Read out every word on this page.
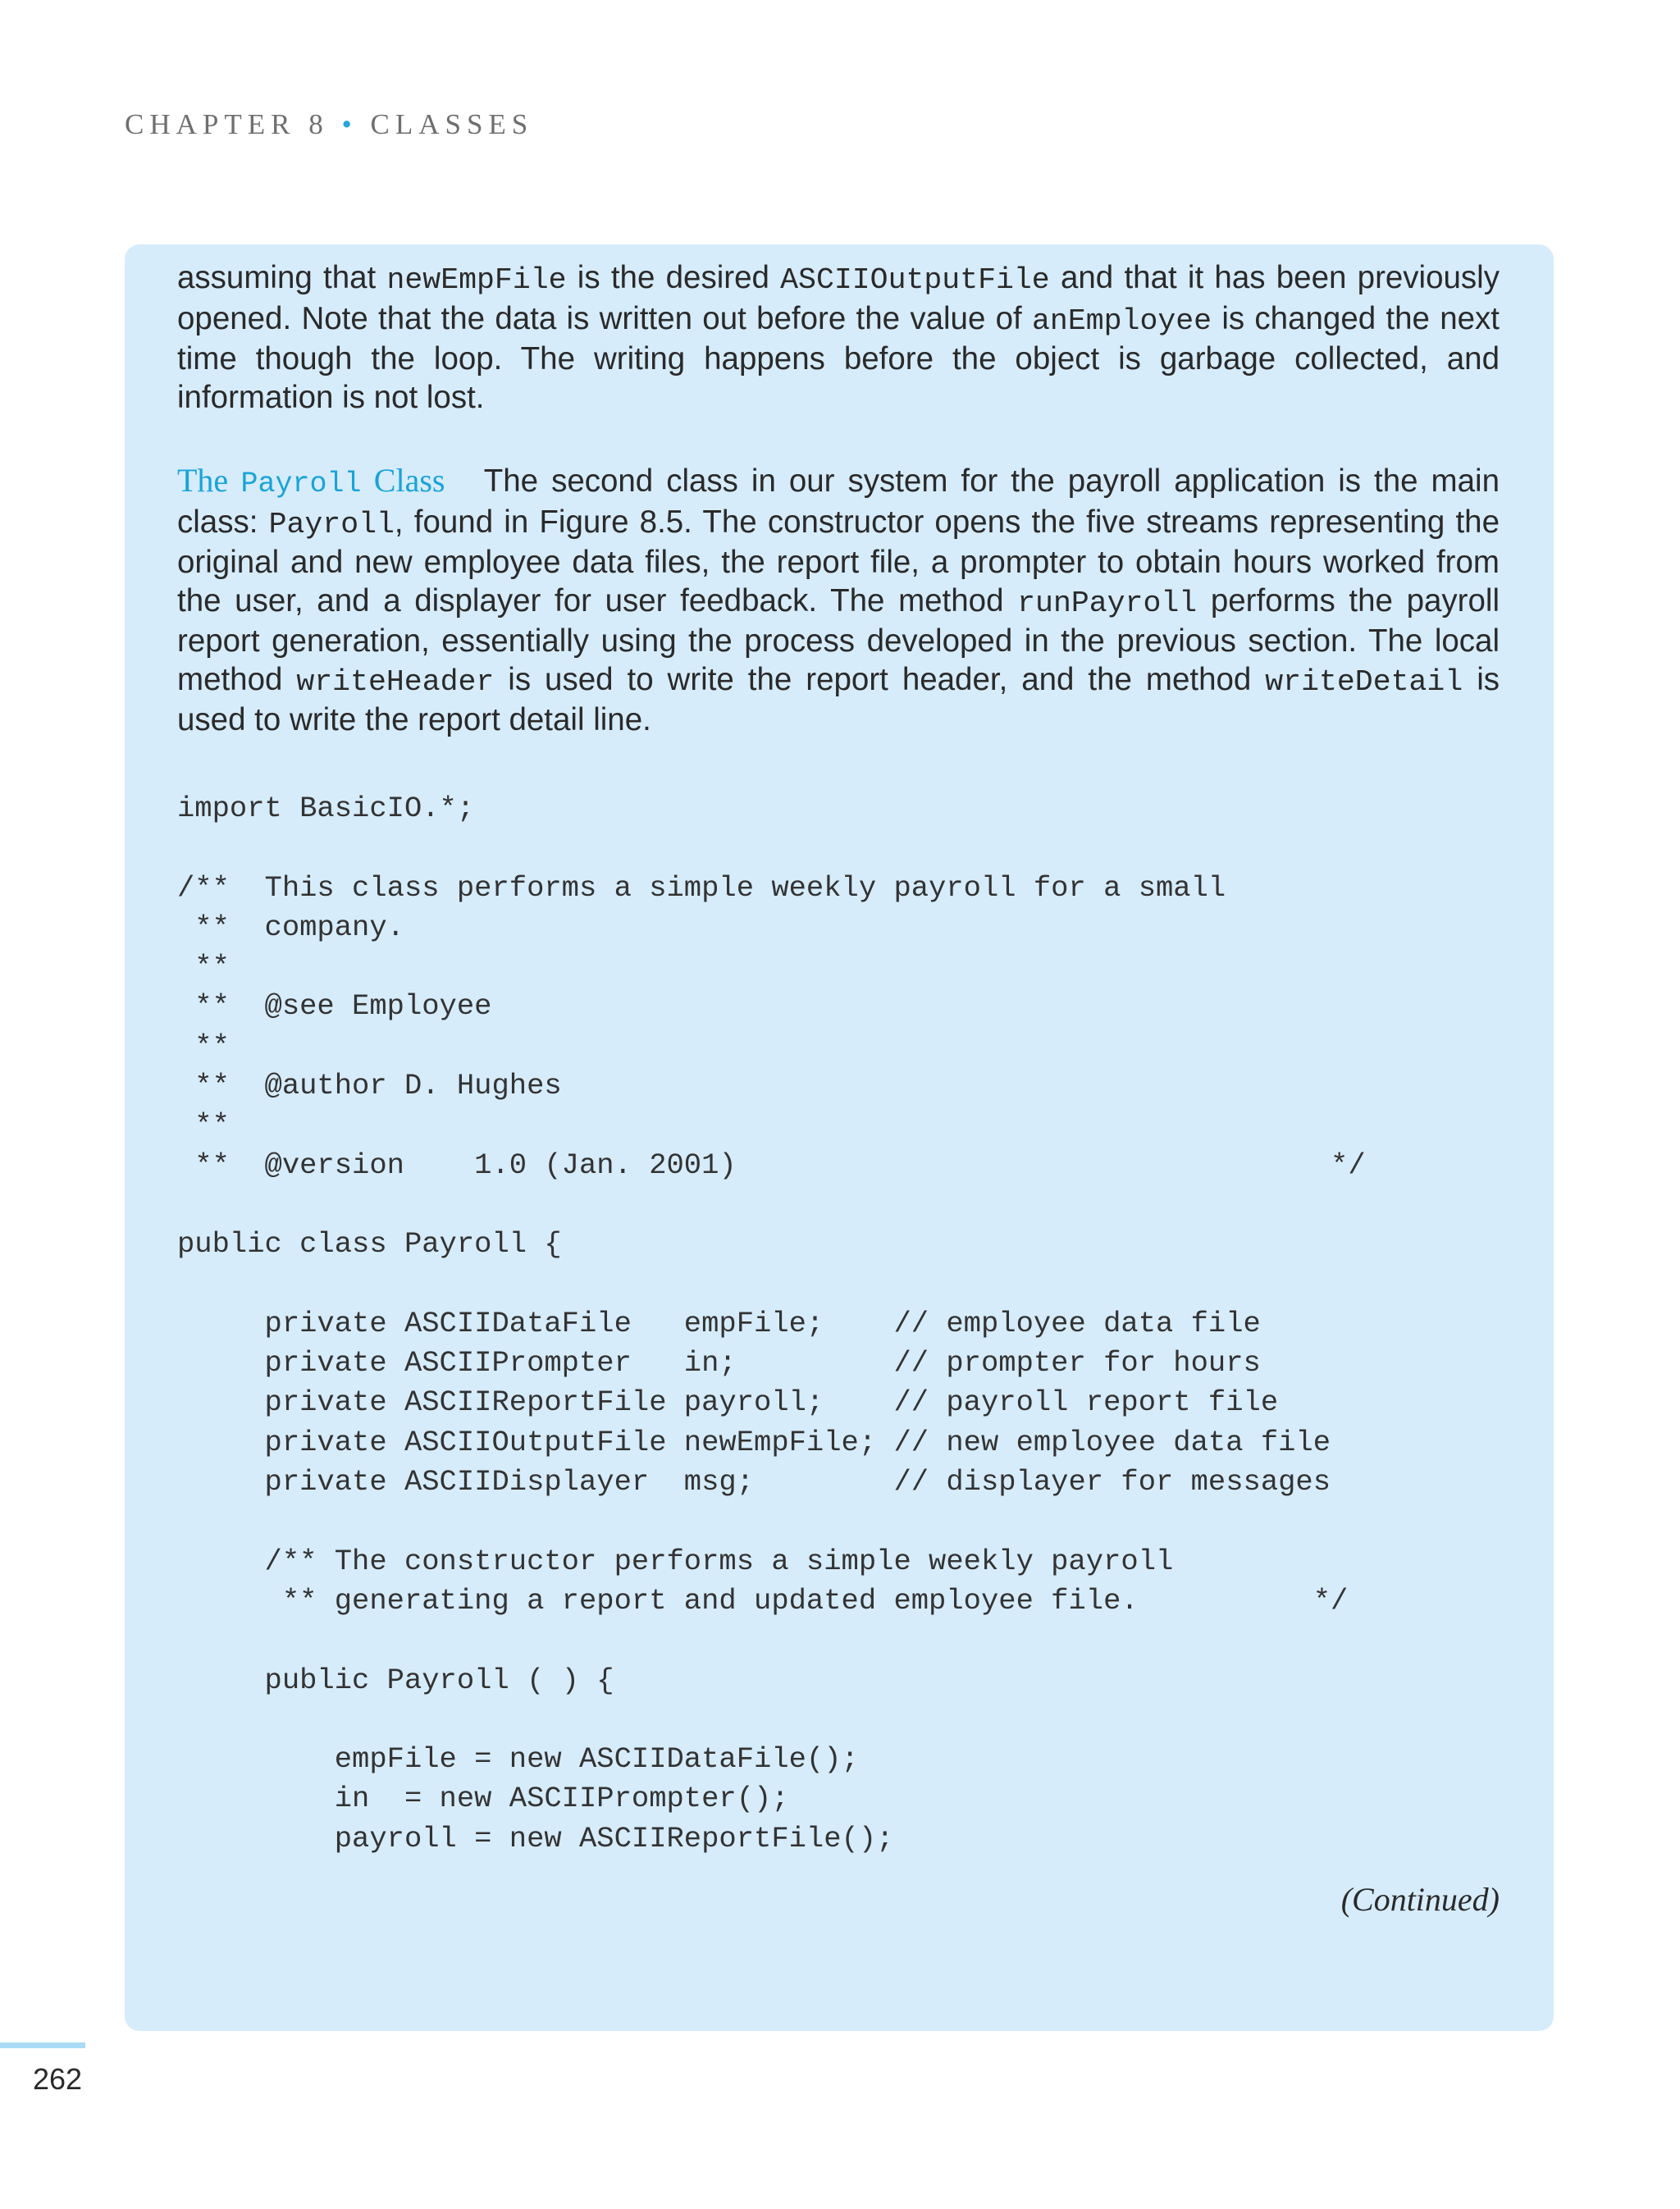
CHAPTER 8 • CLASSES

assuming that newEmpFile is the desired ASCIIOutputFile and that it has been previously opened. Note that the data is written out before the value of anEmployee is changed the next time though the loop. The writing happens before the object is garbage collected, and information is not lost.

The Payroll Class   The second class in our system for the payroll application is the main class: Payroll, found in Figure 8.5. The constructor opens the five streams representing the original and new employee data files, the report file, a prompter to obtain hours worked from the user, and a displayer for user feedback. The method runPayroll performs the payroll report generation, essentially using the process developed in the previous section. The local method writeHeader is used to write the report header, and the method writeDetail is used to write the report detail line.

import BasicIO.*;
/**  This class performs a simple weekly payroll for a small
**  company.
**
**  @see Employee
**
**  @author D. Hughes
**
**  @version    1.0 (Jan. 2001)                                  */
public class Payroll {
private ASCIIDataFile   empFile;    // employee data file
private ASCIIPrompter   in;         // prompter for hours
private ASCIIReportFile payroll;    // payroll report file
private ASCIIOutputFile newEmpFile; // new employee data file
private ASCIIDisplayer  msg;        // displayer for messages
/** The constructor performs a simple weekly payroll
** generating a report and updated employee file.          */
public Payroll ( ) {
empFile = new ASCIIDataFile();
in  = new ASCIIPrompter();
payroll = new ASCIIReportFile();
(Continued)
262
